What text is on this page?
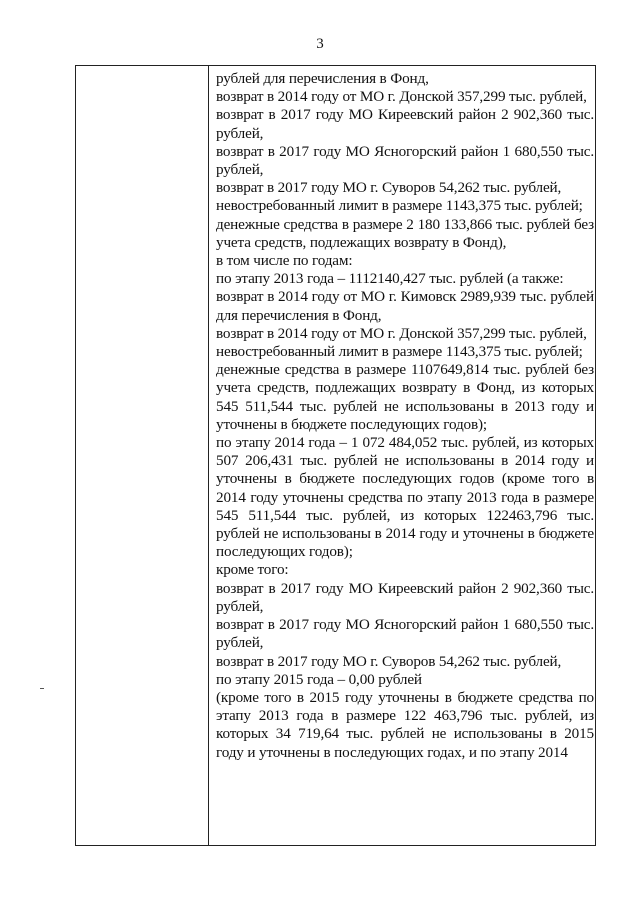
3
рублей для перечисления в Фонд,
возврат в 2014 году от МО г. Донской 357,299 тыс. рублей,
возврат в 2017 году МО Киреевский район 2 902,360 тыс. рублей,
возврат в 2017 году МО Ясногорский район 1 680,550 тыс. рублей,
возврат в 2017 году МО г. Суворов 54,262 тыс. рублей,
невостребованный лимит в размере 1143,375 тыс. рублей;
денежные средства в размере 2 180 133,866 тыс. рублей без учета средств, подлежащих возврату в Фонд),
в том числе по годам:
по этапу 2013 года – 1112140,427 тыс. рублей (а также:
возврат в 2014 году от МО г. Кимовск 2989,939 тыс. рублей для перечисления в Фонд,
возврат в 2014 году от МО г. Донской 357,299 тыс. рублей,
невостребованный лимит в размере 1143,375 тыс. рублей;
денежные средства в размере 1107649,814 тыс. рублей без учета средств, подлежащих возврату в Фонд, из которых 545 511,544 тыс. рублей не использованы в 2013 году и уточнены в бюджете последующих годов);
по этапу 2014 года – 1 072 484,052 тыс. рублей, из которых 507 206,431 тыс. рублей не использованы в 2014 году и уточнены в бюджете последующих годов (кроме того в 2014 году уточнены средства по этапу 2013 года в размере 545 511,544 тыс. рублей, из которых 122463,796 тыс. рублей не использованы в 2014 году и уточнены в бюджете последующих годов);
кроме того:
возврат в 2017 году МО Киреевский район 2 902,360 тыс. рублей,
возврат в 2017 году МО Ясногорский район 1 680,550 тыс. рублей,
возврат в 2017 году МО г. Суворов 54,262 тыс. рублей,
по этапу 2015 года – 0,00 рублей
(кроме того в 2015 году уточнены в бюджете средства по этапу 2013 года в размере 122 463,796 тыс. рублей, из которых 34 719,64 тыс. рублей не использованы в 2015 году и уточнены в последующих годах, и по этапу 2014
